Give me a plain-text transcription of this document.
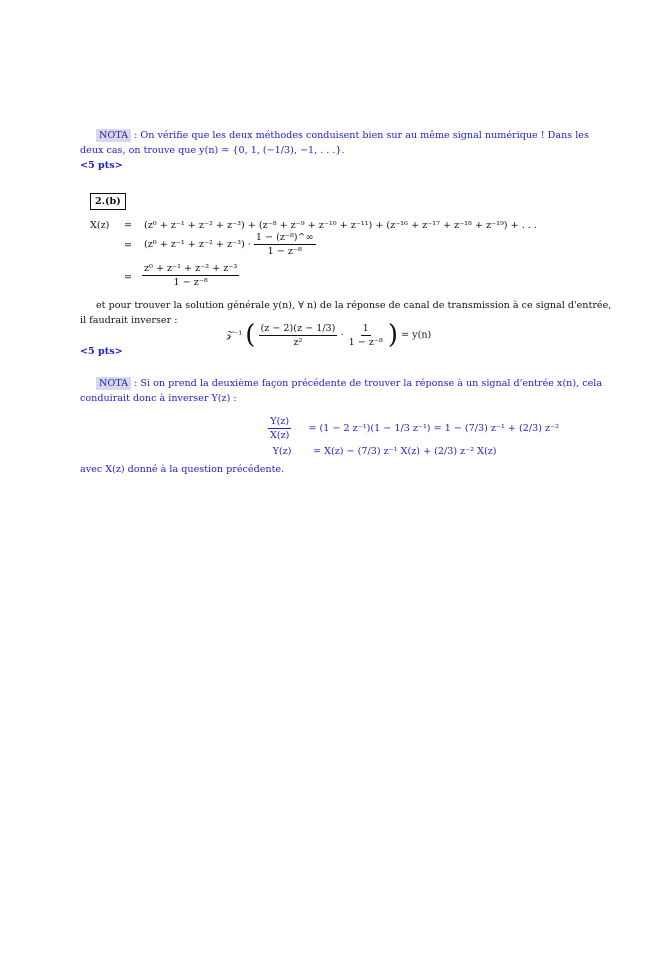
NOTA : On vérifie que les deux méthodes conduisent bien sur au même signal numérique ! Dans les
deux cas, on trouve que y(n) = {0, 1, (−1/3), −1, . . .}.
<5 pts>
2.(b)
X(z) = (z⁰ + z⁻¹ + z⁻² + z⁻³) + (z⁻⁸ + z⁻⁹ + z⁻¹⁰ + z⁻¹¹) + (z⁻¹⁶ + z⁻¹⁷ + z⁻¹⁸ + z⁻¹⁹) + . . .
= $(z^0 + z^{-1} + z^{-2} + z^{-3}) \cdot \frac{\text{1 − (z⁻⁸)\textasciicircum{}∞}}{\text{1 − z⁻⁸}}$
= $\frac{\text{z⁰ + z⁻¹ + z⁻² + z⁻³}}{\text{1 − z⁻⁸}}$
et pour trouver la solution générale y(n), ∀ n) de la réponse de canal de transmission à ce signal d'entrée,
il faudrait inverser :
𝒵⁻¹ ( $\frac{(z - 2)(z - 1/3)}{\text{z²}} \cdot \frac{1}{\text{1 − z⁻⁸}}$ ) = y(n)
<5 pts>
NOTA : Si on prend la deuxième façon précédente de trouver la réponse à un signal d'entrée x(n), cela
conduirait donc à inverser Y(z) :
$\frac{Y(z)}{X(z)} = (1 - 2$ z⁻¹)(1 − 1/3 z⁻¹) = 1 − (7/3) z⁻¹ + (2/3) z⁻²
Y(z) = X(z) − (7/3) z⁻¹ X(z) + (2/3) z⁻² X(z)
avec X(z) donné à la question précédente.
